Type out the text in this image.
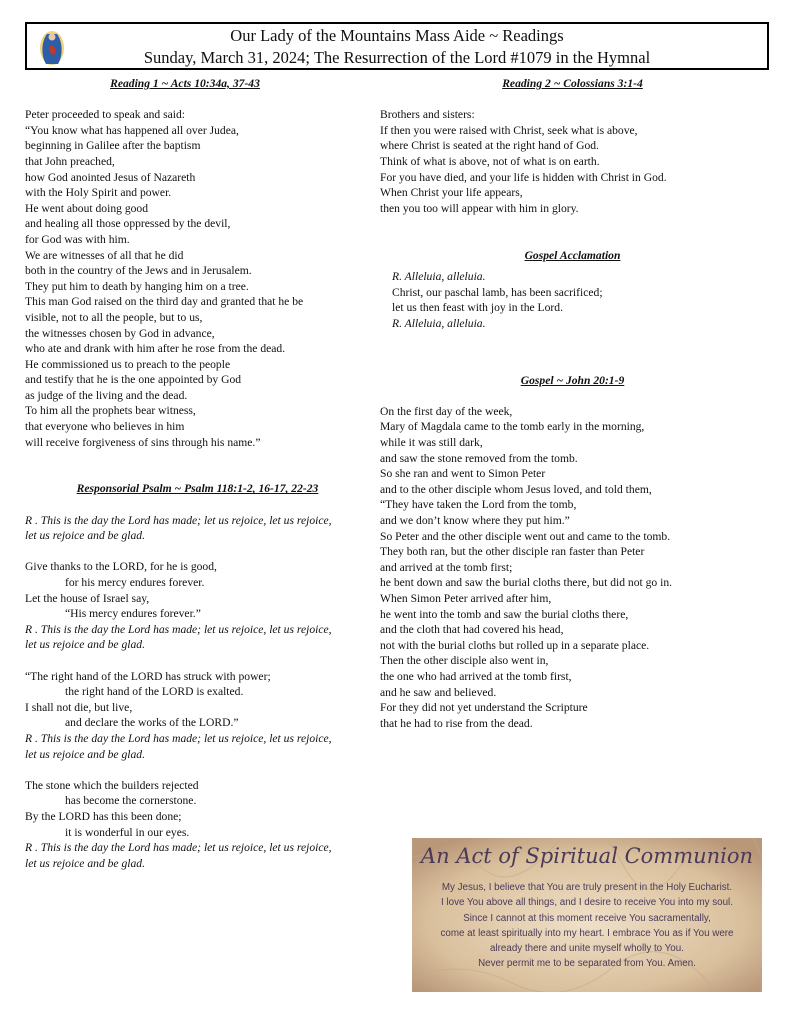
Our Lady of the Mountains Mass Aide ~ Readings
Sunday, March 31, 2024; The Resurrection of the Lord #1079 in the Hymnal
Reading 1 ~ Acts 10:34a, 37-43

Peter proceeded to speak and said:

“You know what has happened all over Judea,

beginning in Galilee after the baptism

that John preached,

how God anointed Jesus of Nazareth

with the Holy Spirit and power.

He went about doing good

and healing all those oppressed by the devil,

for God was with him.

We are witnesses of all that he did

both in the country of the Jews and in Jerusalem.

They put him to death by hanging him on a tree.

This man God raised on the third day and granted that he be

visible, not to all the people, but to us,

the witnesses chosen by God in advance,

who ate and drank with him after he rose from the dead.

He commissioned us to preach to the people

and testify that he is the one appointed by God

as judge of the living and the dead.

To him all the prophets bear witness,

that everyone who believes in him

will receive forgiveness of sins through his name.”

Responsorial Psalm ~ Psalm 118:1-2, 16-17, 22-23

R . This is the day the Lord has made; let us rejoice, let us rejoice,

let us rejoice and be glad.

Give thanks to the LORD, for he is good,

for his mercy endures forever.

Let the house of Israel say,

“His mercy endures forever.”

R . This is the day the Lord has made; let us rejoice, let us rejoice,

let us rejoice and be glad.

“The right hand of the LORD has struck with power;

the right hand of the LORD is exalted.

I shall not die, but live,

and declare the works of the LORD.”

R . This is the day the Lord has made; let us rejoice, let us rejoice,

let us rejoice and be glad.

The stone which the builders rejected

has become the cornerstone.

By the LORD has this been done;

it is wonderful in our eyes.

R . This is the day the Lord has made; let us rejoice, let us rejoice,

let us rejoice and be glad.

Reading 2 ~ Colossians 3:1-4

Brothers and sisters:

If then you were raised with Christ, seek what is above,

where Christ is seated at the right hand of God.

Think of what is above, not of what is on earth.

For you have died, and your life is hidden with Christ in God.

When Christ your life appears,

then you too will appear with him in glory.

Gospel Acclamation

R. Alleluia, alleluia.

Christ, our paschal lamb, has been sacrificed;

let us then feast with joy in the Lord.

R. Alleluia, alleluia.

Gospel ~ John 20:1-9

On the first day of the week,

Mary of Magdala came to the tomb early in the morning,

while it was still dark,

and saw the stone removed from the tomb.

So she ran and went to Simon Peter

and to the other disciple whom Jesus loved, and told them,

“They have taken the Lord from the tomb,

and we don’t know where they put him.”

So Peter and the other disciple went out and came to the tomb.

They both ran, but the other disciple ran faster than Peter

and arrived at the tomb first;

he bent down and saw the burial cloths there, but did not go in.

When Simon Peter arrived after him,

he went into the tomb and saw the burial cloths there,

and the cloth that had covered his head,

not with the burial cloths but rolled up in a separate place.

Then the other disciple also went in,

the one who had arrived at the tomb first,

and he saw and believed.

For they did not yet understand the Scripture

that he had to rise from the dead.

An Act of Spiritual Communion
My Jesus, I believe that You are truly present in the Holy Eucharist.
I love You above all things, and I desire to receive You into my soul.
Since I cannot at this moment receive You sacramentally,
come at least spiritually into my heart. I embrace You as if You were
already there and unite myself wholly to You.
Never permit me to be separated from You. Amen.
